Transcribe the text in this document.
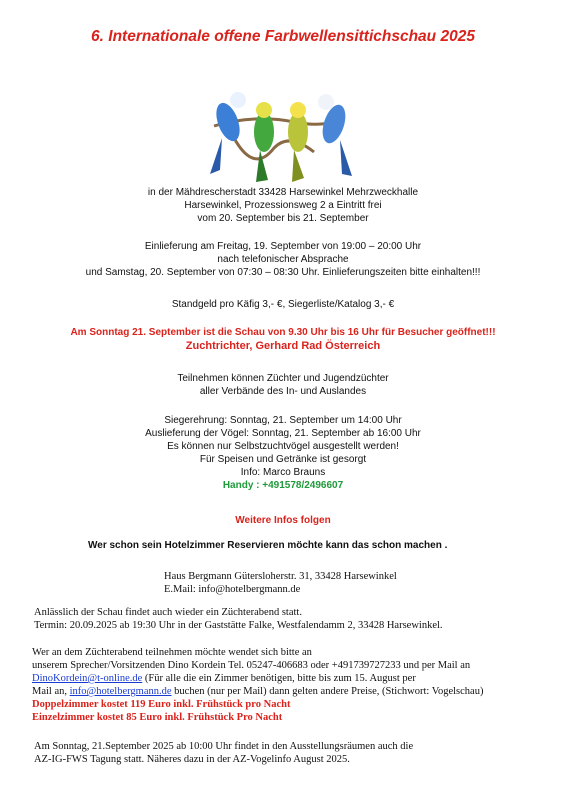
6. Internationale offene Farbwellensittichschau 2025
in der Mähdrescherstadt 33428 Harsewinkel Mehrzweckhalle
Harsewinkel, Prozessionsweg 2 a Eintritt frei
vom 20. September bis 21. September
Einlieferung am Freitag, 19. September von 19:00 – 20:00 Uhr
nach telefonischer Absprache
und Samstag, 20. September von 07:30 – 08:30 Uhr. Einlieferungszeiten bitte einhalten!!!
Standgeld pro Käfig 3,- €, Siegerliste/Katalog 3,- €
Am Sonntag 21. September ist die Schau von 9.30 Uhr bis 16 Uhr für Besucher geöffnet!!!
Zuchtrichter, Gerhard Rad Österreich
Teilnehmen können Züchter und Jugendzüchter
aller Verbände des In- und Auslandes
Siegerehrung: Sonntag, 21. September um 14:00 Uhr
Auslieferung der Vögel: Sonntag, 21. September ab 16:00 Uhr
Es können nur Selbstzuchtvögel ausgestellt werden!
Für Speisen und Getränke ist gesorgt
Info: Marco Brauns
Handy : +491578/2496607
Weitere Infos folgen
Wer schon sein Hotelzimmer Reservieren möchte kann das schon machen .
Haus Bergmann Gütersloherstr. 31, 33428 Harsewinkel
E.Mail: info@hotelbergmann.de
Anlässlich der Schau findet auch wieder ein Züchterabend statt.
Termin: 20.09.2025 ab 19:30 Uhr in der Gaststätte Falke, Westfalendamm 2, 33428 Harsewinkel.
Wer an dem Züchterabend teilnehmen möchte wendet sich bitte an
unserem Sprecher/Vorsitzenden Dino Kordein Tel. 05247-406683 oder +491739727233 und per Mail an
DinoKordein@t-online.de (Für alle die ein Zimmer benötigen, bitte bis zum 15. August per
Mail an, info@hotelbergmann.de buchen (nur per Mail) dann gelten andere Preise, (Stichwort: Vogelschau)
Doppelzimmer kostet 119 Euro inkl. Frühstück pro Nacht
Einzelzimmer kostet 85 Euro inkl. Frühstück Pro Nacht
Am Sonntag, 21.September 2025 ab 10:00 Uhr findet in den Ausstellungsräumen auch die
AZ-IG-FWS Tagung statt. Näheres dazu in der AZ-Vogelinfo August 2025.
